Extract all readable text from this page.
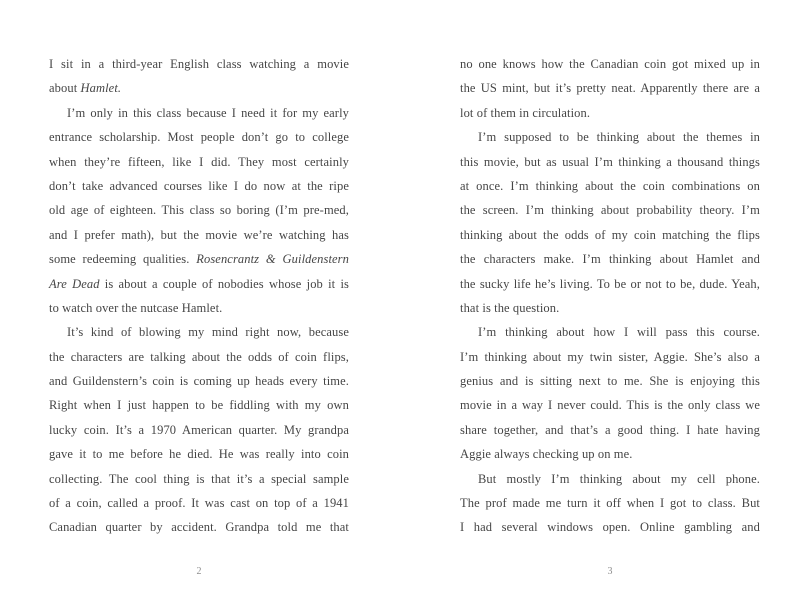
I sit in a third-year English class watching a movie
about Hamlet.
I’m only in this class because I need it for my early
entrance scholarship. Most people don’t go to college
when they’re fifteen, like I did. They most certainly
don’t take advanced courses like I do now at the ripe
old age of eighteen. This class so boring (I’m pre-med,
and I prefer math), but the movie we’re watching has
some redeeming qualities. Rosencrantz & Guildenstern
Are Dead is about a couple of nobodies whose job it is
to watch over the nutcase Hamlet.
It’s kind of blowing my mind right now, because
the characters are talking about the odds of coin flips,
and Guildenstern’s coin is coming up heads every time.
Right when I just happen to be fiddling with my own
lucky coin. It’s a 1970 American quarter. My grandpa
gave it to me before he died. He was really into coin
collecting. The cool thing is that it’s a special sample
of a coin, called a proof. It was cast on top of a 1941
Canadian quarter by accident. Grandpa told me that
2
no one knows how the Canadian coin got mixed up in
the US mint, but it’s pretty neat. Apparently there are a
lot of them in circulation.
I’m supposed to be thinking about the themes in
this movie, but as usual I’m thinking a thousand things
at once. I’m thinking about the coin combinations on
the screen. I’m thinking about probability theory. I’m
thinking about the odds of my coin matching the flips
the characters make. I’m thinking about Hamlet and
the sucky life he’s living. To be or not to be, dude. Yeah,
that is the question.
I’m thinking about how I will pass this course.
I’m thinking about my twin sister, Aggie. She’s also a
genius and is sitting next to me. She is enjoying this
movie in a way I never could. This is the only class we
share together, and that’s a good thing. I hate having
Aggie always checking up on me.
But mostly I’m thinking about my cell phone.
The prof made me turn it off when I got to class. But
I had several windows open. Online gambling and
3
